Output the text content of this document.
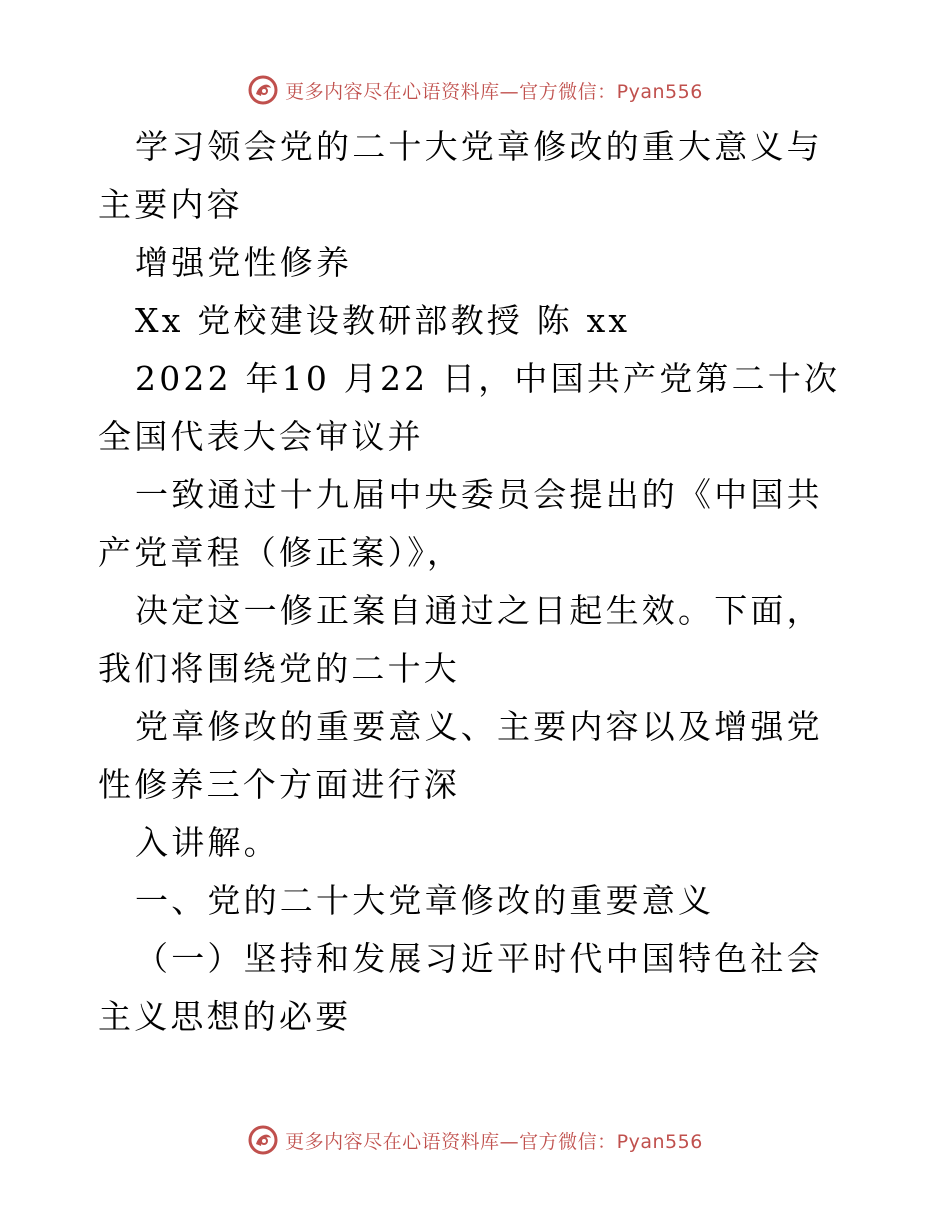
更多内容尽在心语资料库—官方微信：Pyan556

学习领会党的二十大党章修改的重大意义与主要内容

增强党性修养

Xx 党校建设教研部教授 陈 xx

2022 年10 月22 日，中国共产党第二十次全国代表大会审议并

一致通过十九届中央委员会提出的《中国共产党章程（修正案）》，

决定这一修正案自通过之日起生效。下面，我们将围绕党的二十大

党章修改的重要意义、主要内容以及增强党性修养三个方面进行深

入讲解。

一、党的二十大党章修改的重要意义

（一）坚持和发展习近平时代中国特色社会主义思想的必要

更多内容尽在心语资料库—官方微信：Pyan556
